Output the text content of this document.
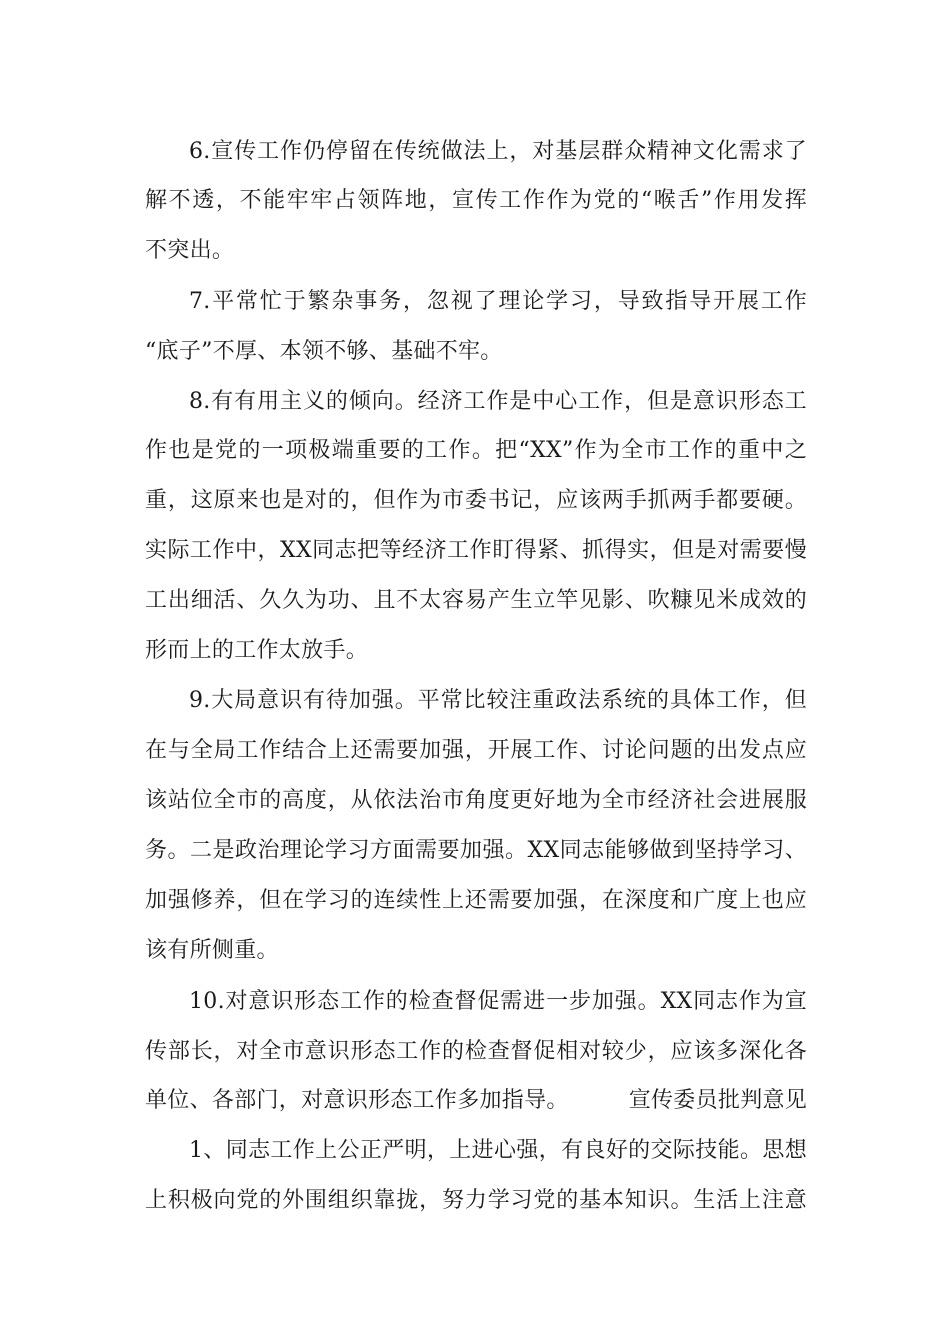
6.宣传工作仍停留在传统做法上，对基层群众精神文化需求了
解不透，不能牢牢占领阵地，宣传工作作为党的“喉舌”作用发挥
不突出。
7.平常忙于繁杂事务，忽视了理论学习，导致指导开展工作
“底子”不厚、本领不够、基础不牢。
8.有有用主义的倾向。经济工作是中心工作，但是意识形态工
作也是党的一项极端重要的工作。把“XX”作为全市工作的重中之
重，这原来也是对的，但作为市委书记，应该两手抓两手都要硬。
实际工作中，XX同志把等经济工作盯得紧、抓得实，但是对需要慢
工出细活、久久为功、且不太容易产生立竿见影、吹糠见米成效的
形而上的工作太放手。
9.大局意识有待加强。平常比较注重政法系统的具体工作，但
在与全局工作结合上还需要加强，开展工作、讨论问题的出发点应
该站位全市的高度，从依法治市角度更好地为全市经济社会进展服
务。二是政治理论学习方面需要加强。XX同志能够做到坚持学习、
加强修养，但在学习的连续性上还需要加强，在深度和广度上也应
该有所侧重。
10.对意识形态工作的检查督促需进一步加强。XX同志作为宣
传部长，对全市意识形态工作的检查督促相对较少，应该多深化各
单位、各部门，对意识形态工作多加指导。	宣传委员批判意见
1、同志工作上公正严明，上进心强，有良好的交际技能。思想
上积极向党的外围组织靠拢，努力学习党的基本知识。生活上注意
